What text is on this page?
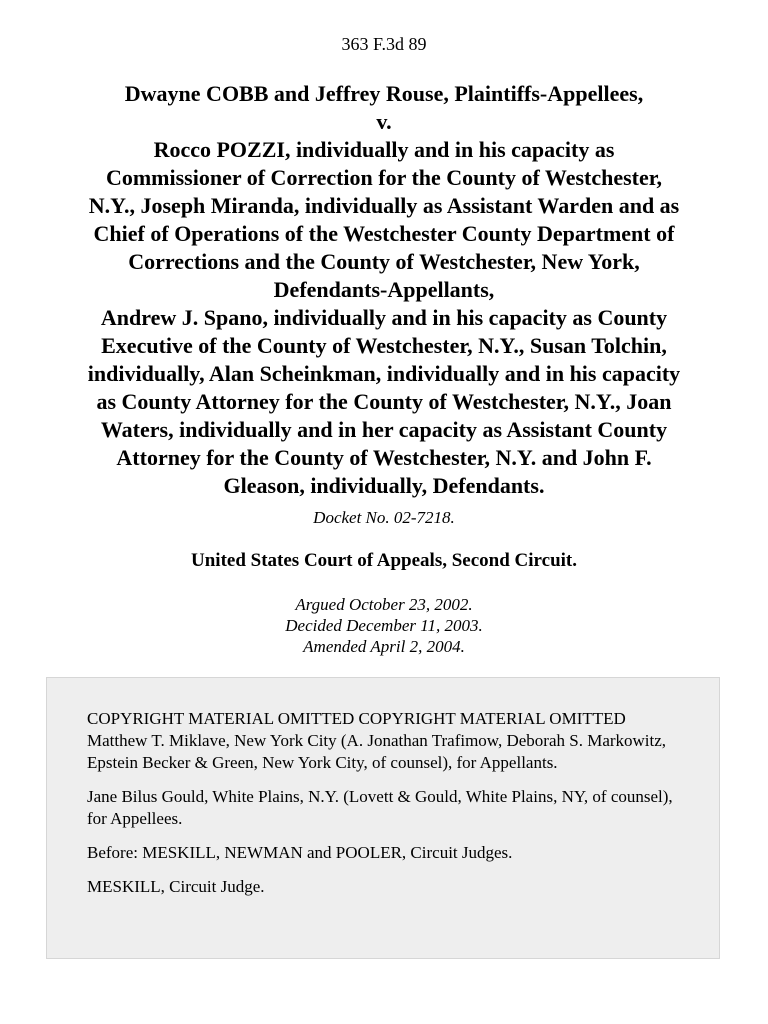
363 F.3d 89
Dwayne COBB and Jeffrey Rouse, Plaintiffs-Appellees,
v.
Rocco POZZI, individually and in his capacity as
Commissioner of Correction for the County of Westchester,
N.Y., Joseph Miranda, individually as Assistant Warden and as
Chief of Operations of the Westchester County Department of
Corrections and the County of Westchester, New York,
Defendants-Appellants,
Andrew J. Spano, individually and in his capacity as County
Executive of the County of Westchester, N.Y., Susan Tolchin,
individually, Alan Scheinkman, individually and in his capacity
as County Attorney for the County of Westchester, N.Y., Joan
Waters, individually and in her capacity as Assistant County
Attorney for the County of Westchester, N.Y. and John F.
Gleason, individually, Defendants.
Docket No. 02-7218.
United States Court of Appeals, Second Circuit.
Argued October 23, 2002.
Decided December 11, 2003.
Amended April 2, 2004.

COPYRIGHT MATERIAL OMITTED COPYRIGHT MATERIAL OMITTED Matthew T. Miklave, New York City (A. Jonathan Trafimow, Deborah S. Markowitz, Epstein Becker & Green, New York City, of counsel), for Appellants.

Jane Bilus Gould, White Plains, N.Y. (Lovett & Gould, White Plains, NY, of counsel), for Appellees.

Before: MESKILL, NEWMAN and POOLER, Circuit Judges.

MESKILL, Circuit Judge.
